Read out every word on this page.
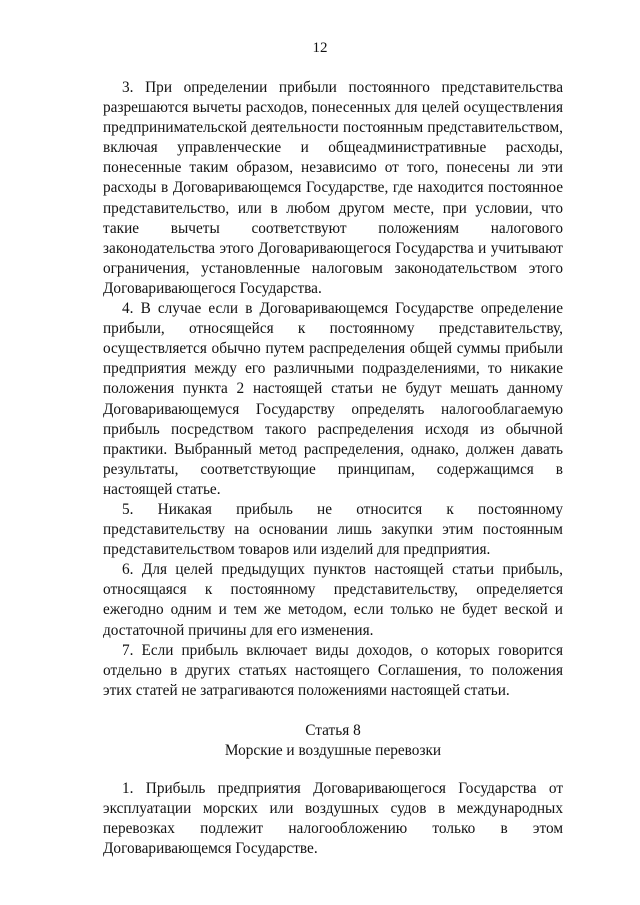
12

3. При определении прибыли постоянного представительства разрешаются вычеты расходов, понесенных для целей осуществления предпринимательской деятельности постоянным представительством, включая управленческие и общеадминистративные расходы, понесенные таким образом, независимо от того, понесены ли эти расходы в Договаривающемся Государстве, где находится постоянное представительство, или в любом другом месте, при условии, что такие вычеты соответствуют положениям налогового законодательства этого Договаривающегося Государства и учитывают ограничения, установленные налоговым законодательством этого Договаривающегося Государства.

4. В случае если в Договаривающемся Государстве определение прибыли, относящейся к постоянному представительству, осуществляется обычно путем распределения общей суммы прибыли предприятия между его различными подразделениями, то никакие положения пункта 2 настоящей статьи не будут мешать данному Договаривающемуся Государству определять налогооблагаемую прибыль посредством такого распределения исходя из обычной практики. Выбранный метод распределения, однако, должен давать результаты, соответствующие принципам, содержащимся в настоящей статье.

5. Никакая прибыль не относится к постоянному представительству на основании лишь закупки этим постоянным представительством товаров или изделий для предприятия.

6. Для целей предыдущих пунктов настоящей статьи прибыль, относящаяся к постоянному представительству, определяется ежегодно одним и тем же методом, если только не будет веской и достаточной причины для его изменения.

7. Если прибыль включает виды доходов, о которых говорится отдельно в других статьях настоящего Соглашения, то положения этих статей не затрагиваются положениями настоящей статьи.

Статья 8
Морские и воздушные перевозки

1. Прибыль предприятия Договаривающегося Государства от эксплуатации морских или воздушных судов в международных перевозках подлежит налогообложению только в этом Договаривающемся Государстве.
